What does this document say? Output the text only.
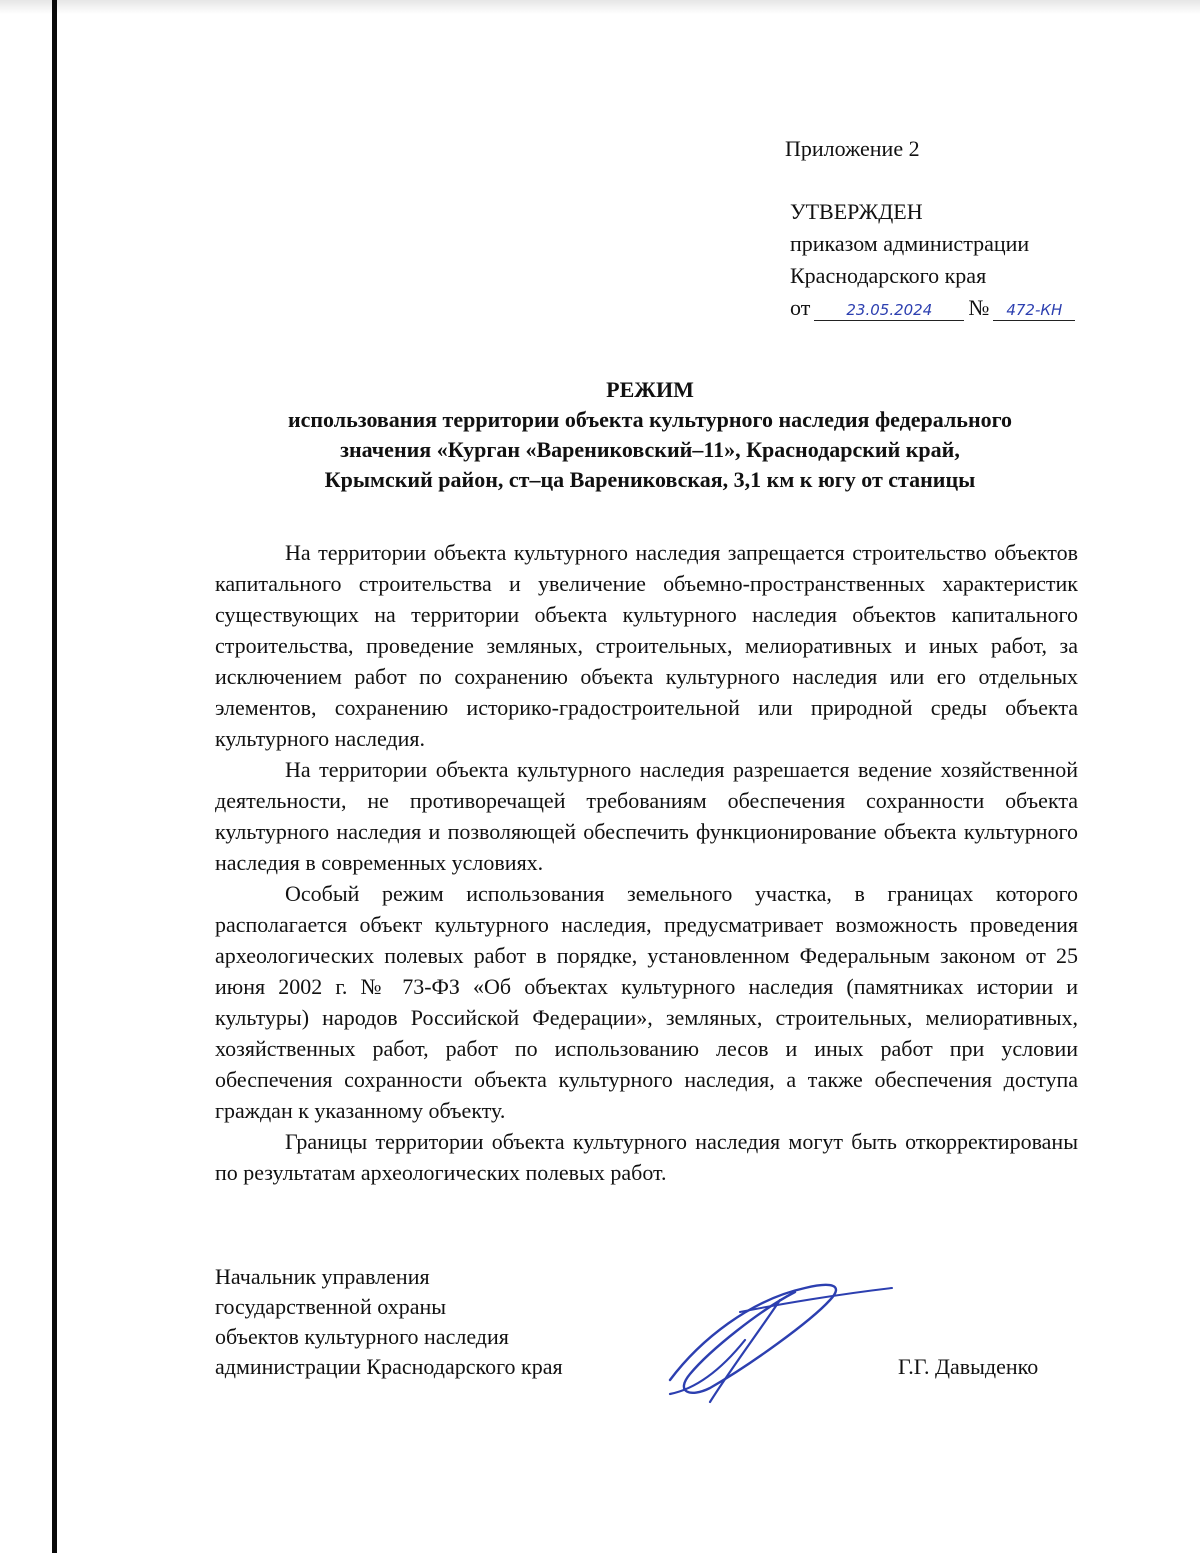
Приложение 2
УТВЕРЖДЕН
приказом администрации
Краснодарского края
от 23.05.2024 № 472-КН
РЕЖИМ
использования территории объекта культурного наследия федерального
значения «Курган «Варениковский–11», Краснодарский край,
Крымский район, ст–ца Варениковская, 3,1 км к югу от станицы

На территории объекта культурного наследия запрещается строительство объектов капитального строительства и увеличение объемно-пространственных характеристик существующих на территории объекта культурного наследия объектов капитального строительства, проведение земляных, строительных, мелиоративных и иных работ, за исключением работ по сохранению объекта культурного наследия или его отдельных элементов, сохранению историко-градостроительной или природной среды объекта культурного наследия.

На территории объекта культурного наследия разрешается ведение хозяйственной деятельности, не противоречащей требованиям обеспечения сохранности объекта культурного наследия и позволяющей обеспечить функционирование объекта культурного наследия в современных условиях.

Особый режим использования земельного участка, в границах которого располагается объект культурного наследия, предусматривает возможность проведения археологических полевых работ в порядке, установленном Федеральным законом от 25 июня 2002 г. № 73-ФЗ «Об объектах культурного наследия (памятниках истории и культуры) народов Российской Федерации», земляных, строительных, мелиоративных, хозяйственных работ, работ по использованию лесов и иных работ при условии обеспечения сохранности объекта культурного наследия, а также обеспечения доступа граждан к указанному объекту.

Границы территории объекта культурного наследия могут быть откорректированы по результатам археологических полевых работ.

Начальник управления
государственной охраны
объектов культурного наследия
администрации Краснодарского края	Г.Г. Давыденко
